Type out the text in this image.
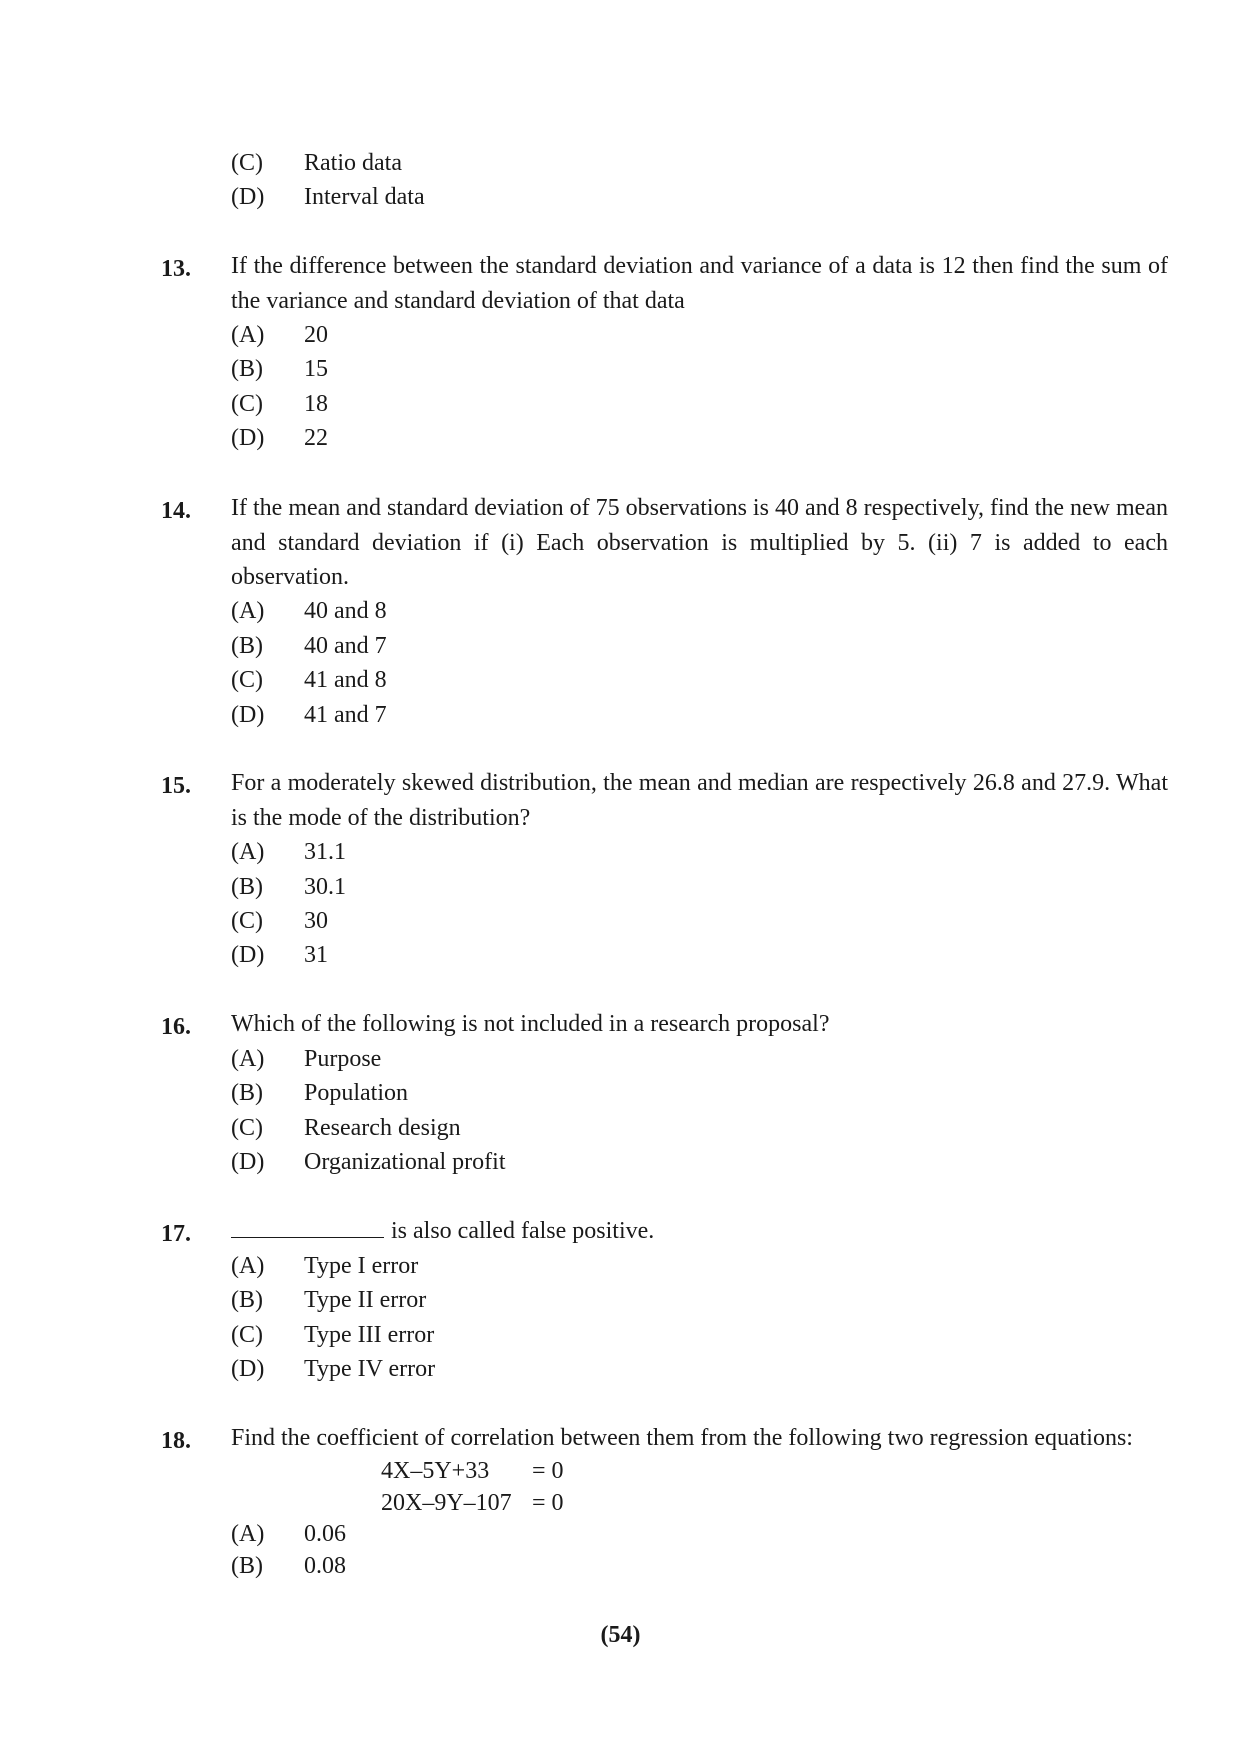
(C) Ratio data
(D) Interval data
13. If the difference between the standard deviation and variance of a data is 12 then find the sum of the variance and standard deviation of that data
(A) 20
(B) 15
(C) 18
(D) 22
14. If the mean and standard deviation of 75 observations is 40 and 8 respectively, find the new mean and standard deviation if (i) Each observation is multiplied by 5. (ii) 7 is added to each observation.
(A) 40 and 8
(B) 40 and 7
(C) 41 and 8
(D) 41 and 7
15. For a moderately skewed distribution, the mean and median are respectively 26.8 and 27.9. What is the mode of the distribution?
(A) 31.1
(B) 30.1
(C) 30
(D) 31
16. Which of the following is not included in a research proposal?
(A) Purpose
(B) Population
(C) Research design
(D) Organizational profit
17.	is also called false positive.
(A) Type I error
(B) Type II error
(C) Type III error
(D) Type IV error
18. Find the coefficient of correlation between them from the following two regression equations:
4X–5Y+33 = 0
20X–9Y–107 = 0
(A) 0.06
(B) 0.08
(54)
